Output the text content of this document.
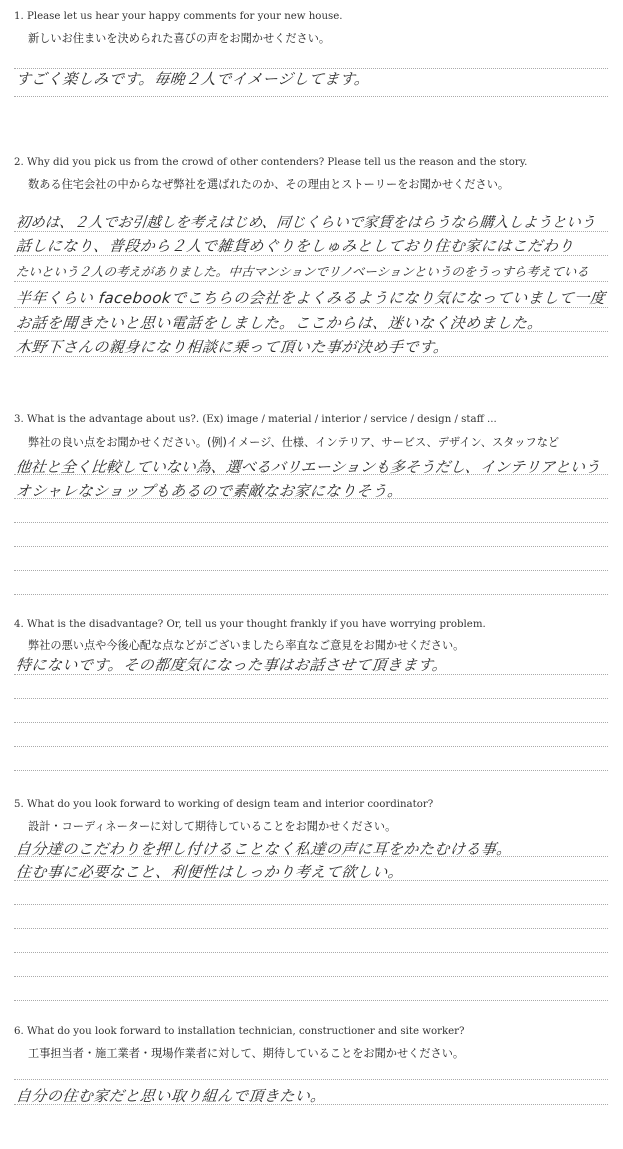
1. Please let us hear your happy comments for your new house.
新しいお住まいを決められた喜びの声をお聞かせください。
すごく楽しみです。毎晩２人でイメージしてます。
2. Why did you pick us from the crowd of other contenders? Please tell us the reason and the story.
数ある住宅会社の中からなぜ弊社を選ばれたのか、その理由とストーリーをお聞かせください。
初めは、２人でお引越しを考えはじめ、同じくらいで家賃をはらうなら購入しようという
話しになり、普段から２人で雑貨めぐりをしゅみとしており住む家にはこだわり
たいという２人の考えがありました。中古マンションでリノベーションというのをうっすら考えている
半年くらい facebookでこちらの会社をよくみるようになり気になっていまして一度
お話を聞きたいと思い電話をしました。ここからは、迷いなく決めました。
木野下さんの親身になり相談に乗って頂いた事が決め手です。
3. What is the advantage about us?. (Ex) image / material / interior / service / design / staff ...
弊社の良い点をお聞かせください。(例)イメージ、仕様、インテリア、サービス、デザイン、スタッフなど
他社と全く比較していない為、選べるバリエーションも多そうだし、インテリアという
オシャレなショップもあるので素敵なお家になりそう。
4. What is the disadvantage? Or, tell us your thought frankly if you have worrying problem.
弊社の悪い点や今後心配な点などがございましたら率直なご意見をお聞かせください。
特にないです。その都度気になった事はお話させて頂きます。
5. What do you look forward to working of design team and interior coordinator?
設計・コーディネーターに対して期待していることをお聞かせください。
自分達のこだわりを押し付けることなく私達の声に耳をかたむける事。
住む事に必要なこと、利便性はしっかり考えて欲しい。
6. What do you look forward to installation technician, constructioner and site worker?
工事担当者・施工業者・現場作業者に対して、期待していることをお聞かせください。
自分の住む家だと思い取り組んで頂きたい。
